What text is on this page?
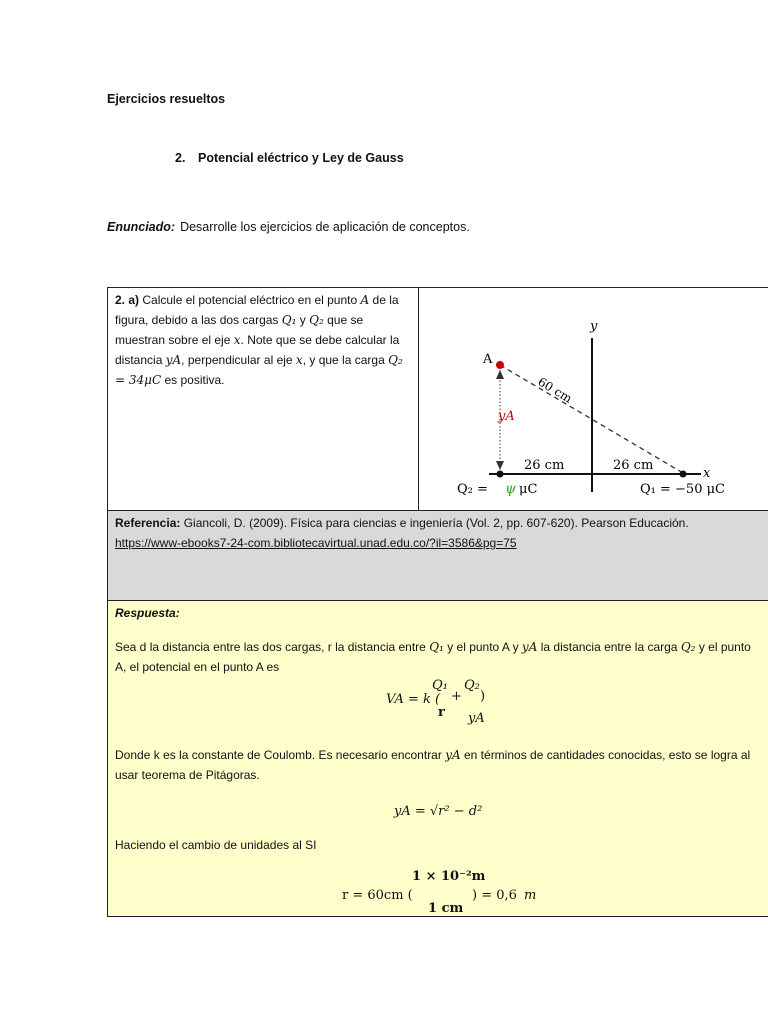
Ejercicios resueltos
2. Potencial eléctrico y Ley de Gauss
Enunciado: Desarrolle los ejercicios de aplicación de conceptos.
2. a) Calcule el potencial eléctrico en el punto A de la figura, debido a las dos cargas Q₁ y Q₂ que se muestran sobre el eje x. Note que se debe calcular la distancia yA, perpendicular al eje x, y que la carga Q₂ = 34μC es positiva.
y
x
60 cm
yA
A
26 cm	26 cm
Q₂ = ψ μC	Q₁ = −50 μC
Referencia: Giancoli, D. (2009). Física para ciencias e ingeniería (Vol. 2, pp. 607-620). Pearson Educación.
https://www-ebooks7-24-com.bibliotecavirtual.unad.edu.co/?il=3586&pg=75
Respuesta:
Sea d la distancia entre las dos cargas, r la distancia entre Q₁ y el punto A y yA la distancia entre la carga Q₂ y el punto A, el potencial en el punto A es
VA = k (
Q₁
+
Q₂
)
r yA
Donde k es la constante de Coulomb. Es necesario encontrar yA en términos de cantidades conocidas, esto se logra al usar teorema de Pitágoras.
yA = √r² − d²
Haciendo el cambio de unidades al SI
1 × 10⁻²m
r = 60cm (	) = 0,6 m
1 cm
